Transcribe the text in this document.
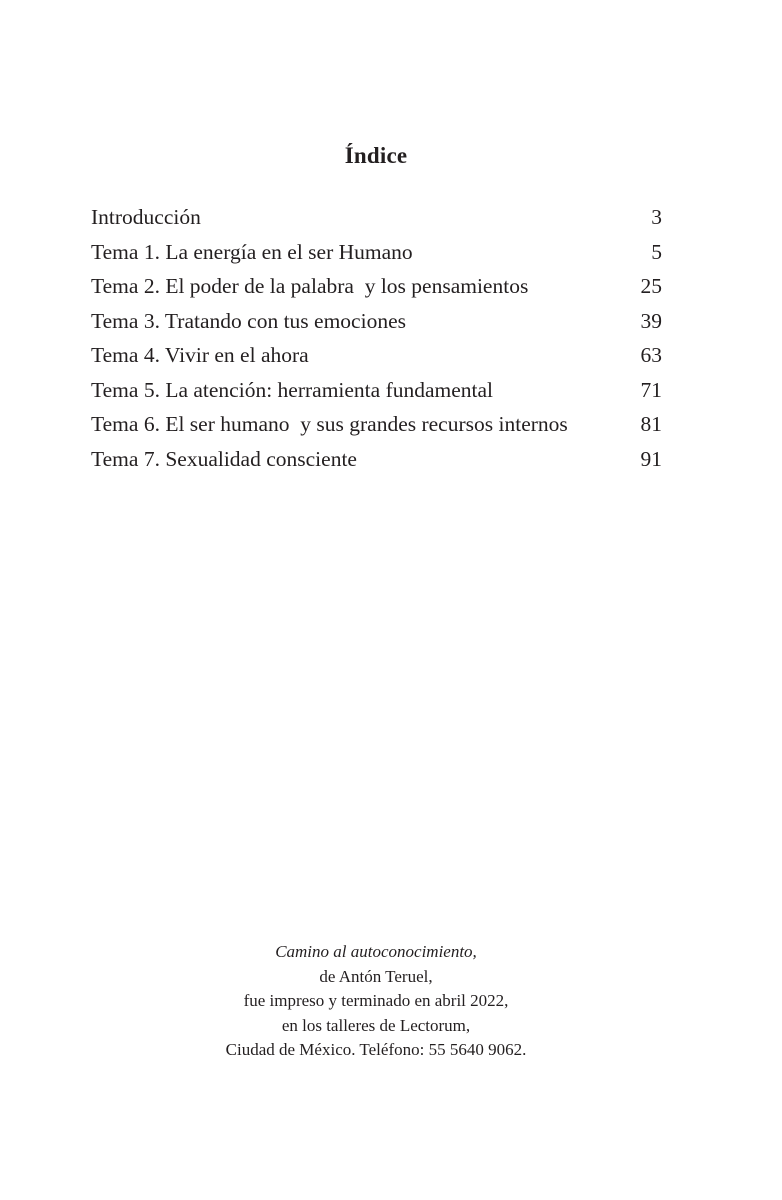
Índice
Introducción	3
Tema 1. La energía en el ser Humano	5
Tema 2. El poder de la palabra  y los pensamientos	25
Tema 3. Tratando con tus emociones	39
Tema 4. Vivir en el ahora	63
Tema 5. La atención: herramienta fundamental	71
Tema 6. El ser humano  y sus grandes recursos internos	81
Tema 7. Sexualidad consciente	91
Camino al autoconocimiento,
de Antón Teruel,
fue impreso y terminado en abril 2022,
en los talleres de Lectorum,
Ciudad de México. Teléfono: 55 5640 9062.
